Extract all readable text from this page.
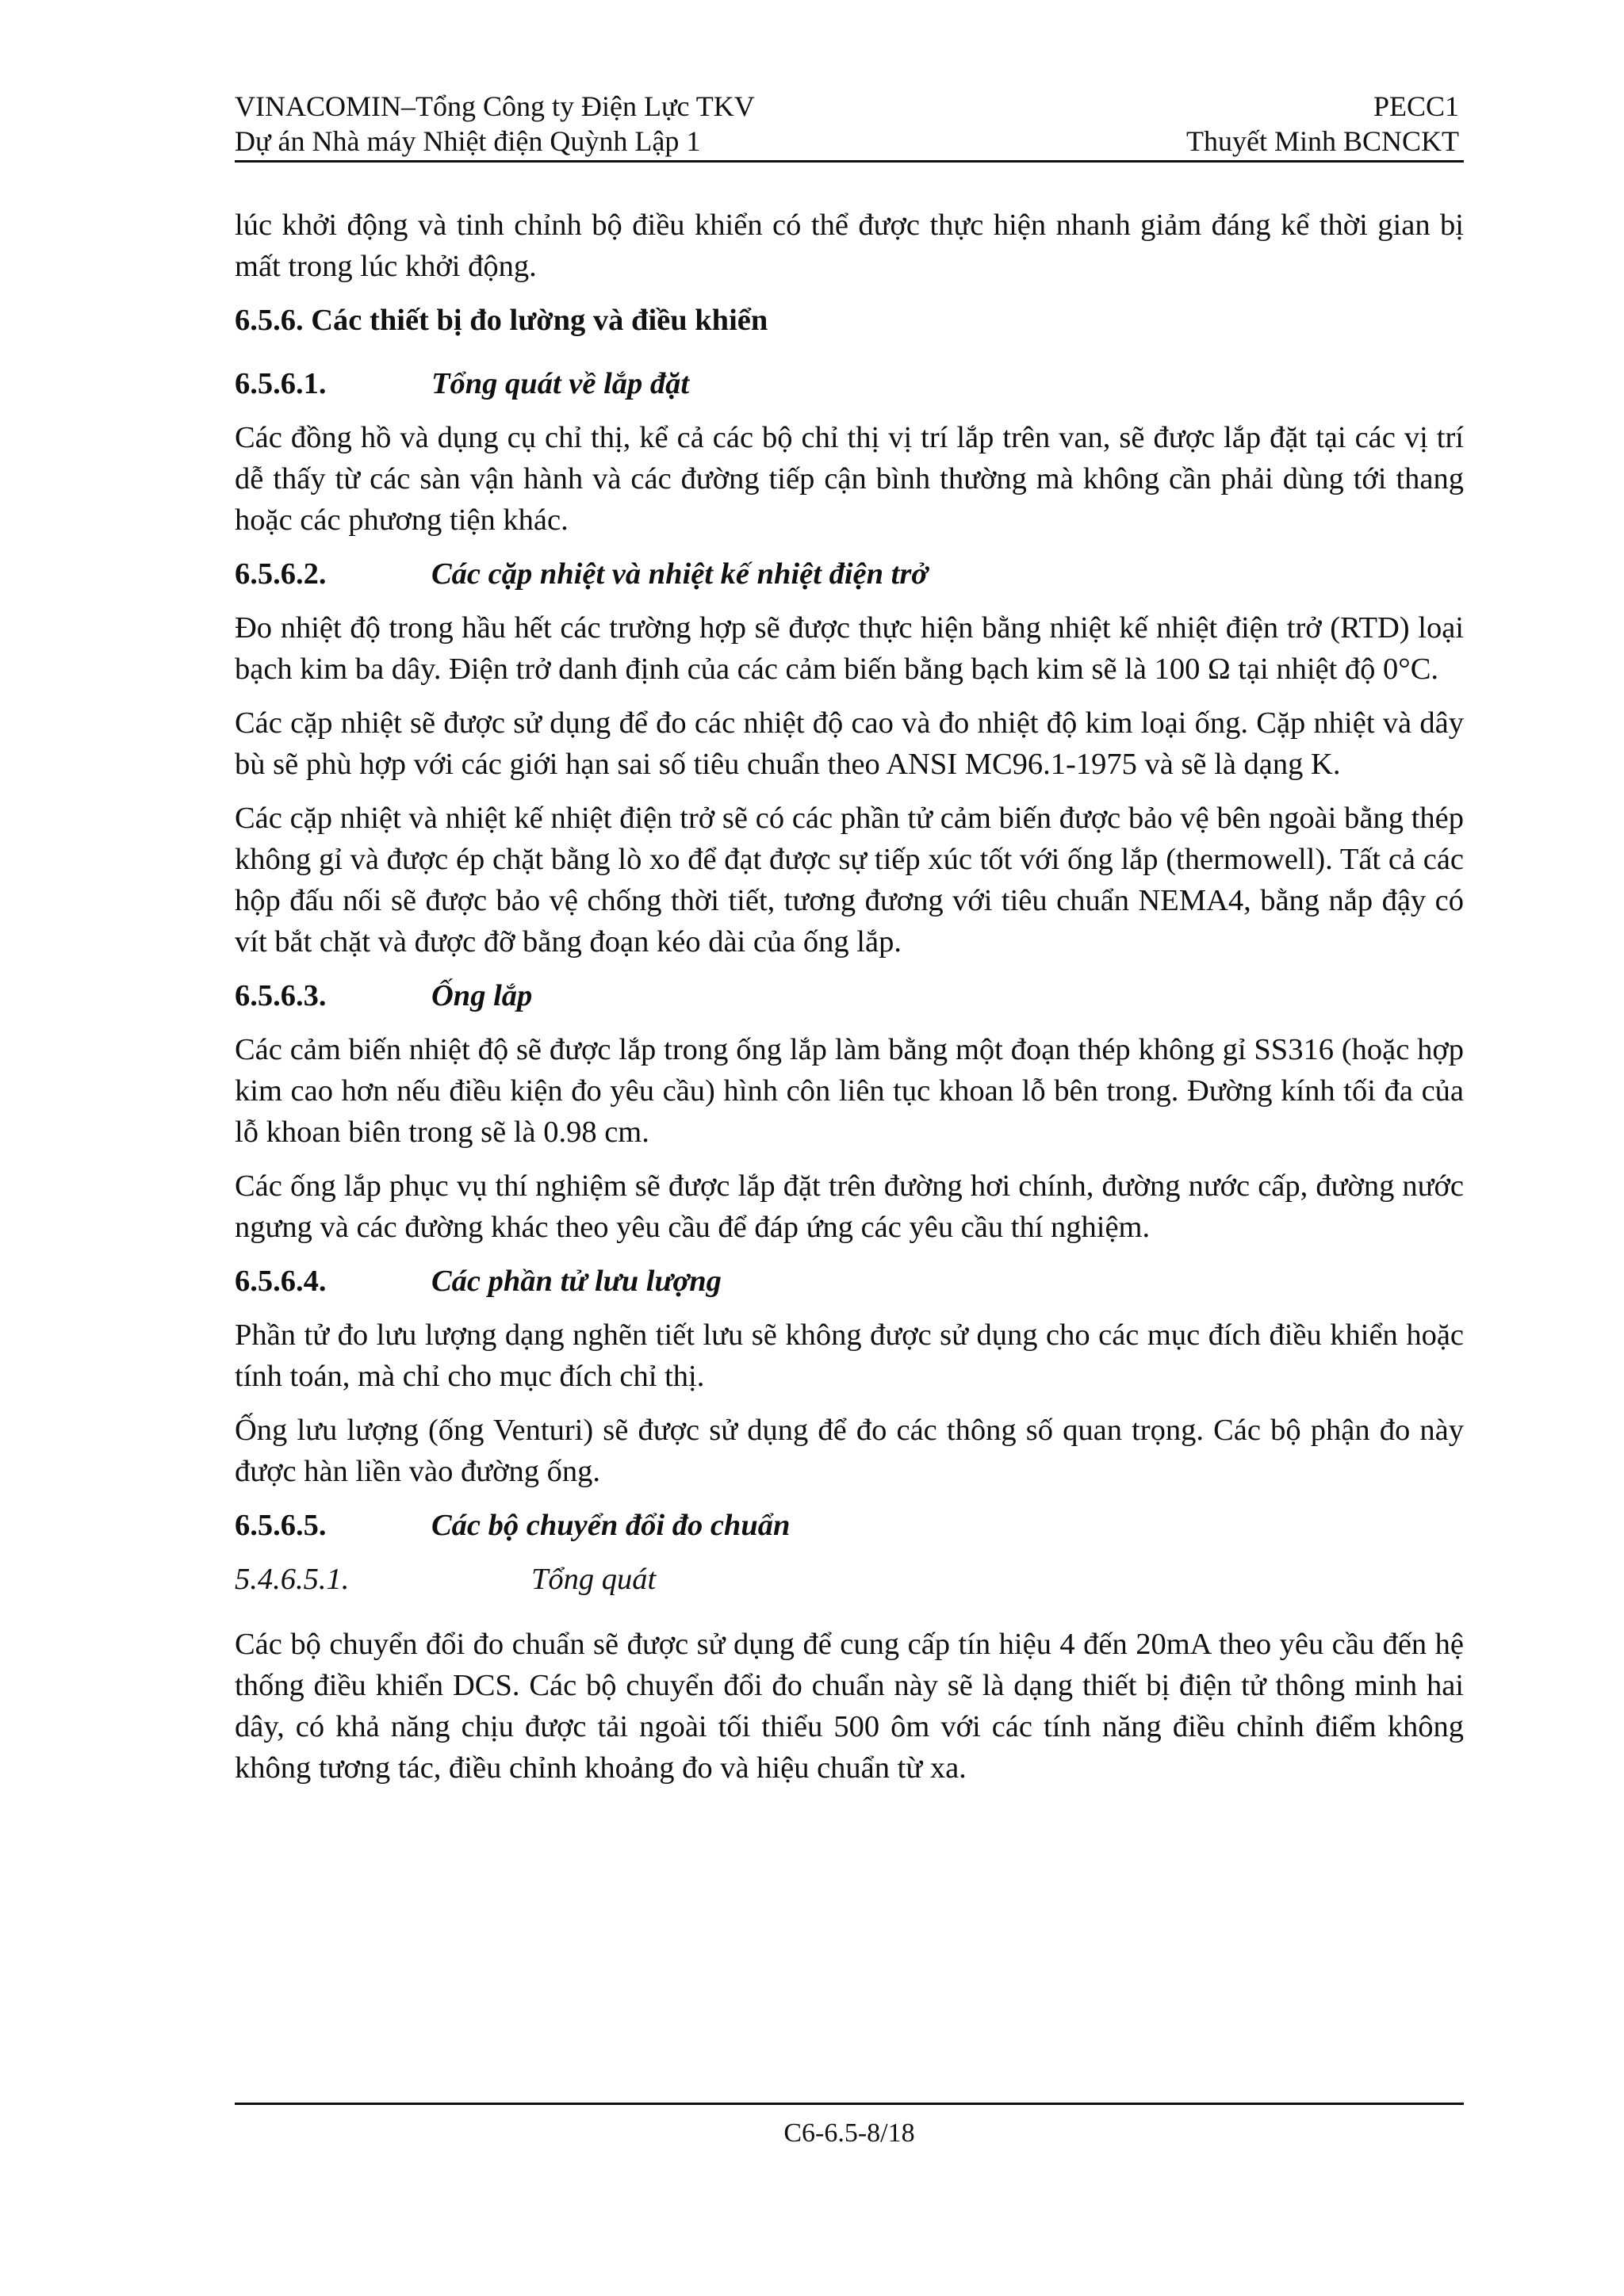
VINACOMIN–Tổng Công ty Điện Lực TKV	PECC1
Dự án Nhà máy Nhiệt điện Quỳnh Lập 1	Thuyết Minh BCNCKT

lúc khởi động và tinh chỉnh bộ điều khiển có thể được thực hiện nhanh giảm đáng kể thời gian bị mất trong lúc khởi động.

6.5.6. Các thiết bị đo lường và điều khiển
6.5.6.1.	Tổng quát về lắp đặt

Các đồng hồ và dụng cụ chỉ thị, kể cả các bộ chỉ thị vị trí lắp trên van, sẽ được lắp đặt tại các vị trí dễ thấy từ các sàn vận hành và các đường tiếp cận bình thường mà không cần phải dùng tới thang hoặc các phương tiện khác.

6.5.6.2.	Các cặp nhiệt và nhiệt kế nhiệt điện trở

Đo nhiệt độ trong hầu hết các trường hợp sẽ được thực hiện bằng nhiệt kế nhiệt điện trở (RTD) loại bạch kim ba dây. Điện trở danh định của các cảm biến bằng bạch kim sẽ là 100 Ω tại nhiệt độ 0°C.

Các cặp nhiệt sẽ được sử dụng để đo các nhiệt độ cao và đo nhiệt độ kim loại ống. Cặp nhiệt và dây bù sẽ phù hợp với các giới hạn sai số tiêu chuẩn theo ANSI MC96.1-1975 và sẽ là dạng K.

Các cặp nhiệt và nhiệt kế nhiệt điện trở sẽ có các phần tử cảm biến được bảo vệ bên ngoài bằng thép không gỉ và được ép chặt bằng lò xo để đạt được sự tiếp xúc tốt với ống lắp (thermowell). Tất cả các hộp đấu nối sẽ được bảo vệ chống thời tiết, tương đương với tiêu chuẩn NEMA4, bằng nắp đậy có vít bắt chặt và được đỡ bằng đoạn kéo dài của ống lắp.

6.5.6.3.	Ống lắp

Các cảm biến nhiệt độ sẽ được lắp trong ống lắp làm bằng một đoạn thép không gỉ SS316 (hoặc hợp kim cao hơn nếu điều kiện đo yêu cầu) hình côn liên tục khoan lỗ bên trong. Đường kính tối đa của lỗ khoan biên trong sẽ là 0.98 cm.

Các ống lắp phục vụ thí nghiệm sẽ được lắp đặt trên đường hơi chính, đường nước cấp, đường nước ngưng và các đường khác theo yêu cầu để đáp ứng các yêu cầu thí nghiệm.

6.5.6.4.	Các phần tử lưu lượng

Phần tử đo lưu lượng dạng nghẽn tiết lưu sẽ không được sử dụng cho các mục đích điều khiển hoặc tính toán, mà chỉ cho mục đích chỉ thị.

Ống lưu lượng (ống Venturi) sẽ được sử dụng để đo các thông số quan trọng. Các bộ phận đo này được hàn liền vào đường ống.

6.5.6.5.	Các bộ chuyển đổi đo chuẩn
5.4.6.5.1.	Tổng quát

Các bộ chuyển đổi đo chuẩn sẽ được sử dụng để cung cấp tín hiệu 4 đến 20mA theo yêu cầu đến hệ thống điều khiển DCS. Các bộ chuyển đổi đo chuẩn này sẽ là dạng thiết bị điện tử thông minh hai dây, có khả năng chịu được tải ngoài tối thiểu 500 ôm với các tính năng điều chỉnh điểm không không tương tác, điều chỉnh khoảng đo và hiệu chuẩn từ xa.

C6-6.5-8/18
